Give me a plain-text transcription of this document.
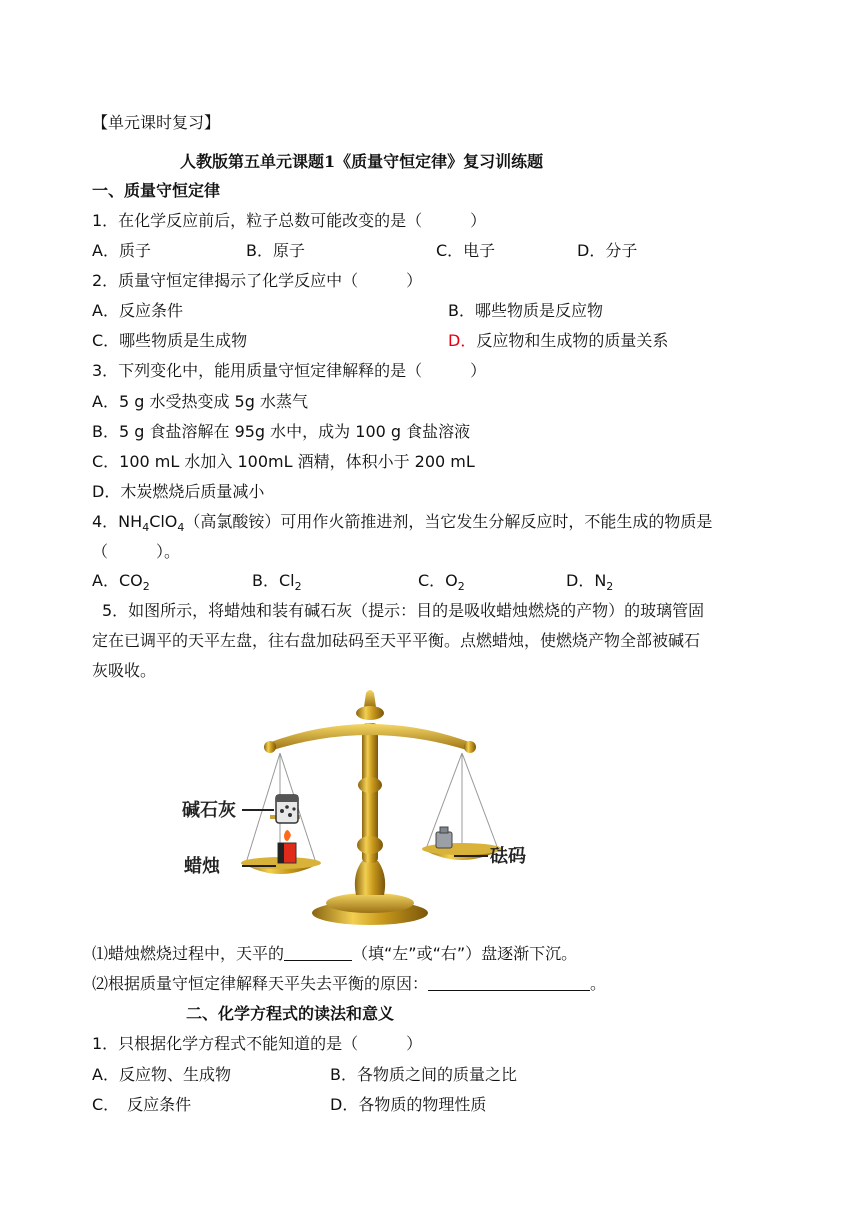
【单元课时复习】
人教版第五单元课题1《质量守恒定律》复习训练题
一、质量守恒定律
1．在化学反应前后，粒子总数可能改变的是（　　　）
A．质子	B．原子	C．电子	D．分子
2．质量守恒定律揭示了化学反应中（　　　）
A．反应条件	B．哪些物质是反应物
C．哪些物质是生成物	D．反应物和生成物的质量关系
3．下列变化中，能用质量守恒定律解释的是（　　　）
A．5 g 水受热变成 5g 水蒸气
B．5 g 食盐溶解在 95g 水中，成为 100 g 食盐溶液
C．100 mL 水加入 100mL 酒精，体积小于 200 mL
D．木炭燃烧后质量减小
4．$NH_4ClO_4$（高氯酸铵）可用作火箭推进剂，当它发生分解反应时，不能生成的物质是
（　　　）。
A．$CO_2$	B．$Cl_2$	C．$O_2$	D．$N_2$
5．如图所示，将蜡烛和装有碱石灰（提示：目的是吸收蜡烛燃烧的产物）的玻璃管固
定在已调平的天平左盘，往右盘加砝码至天平平衡。点燃蜡烛，使燃烧产物全部被碱石
灰吸收。
碱石灰
蜡烛	砝码
⑴蜡烛燃烧过程中，天平的	（填“左”或“右”）盘逐渐下沉。
⑵根据质量守恒定律解释天平失去平衡的原因：	。
二、化学方程式的读法和意义
1．只根据化学方程式不能知道的是（　　　）
A．反应物、生成物	B．各物质之间的质量之比
C．　反应条件	D．各物质的物理性质
